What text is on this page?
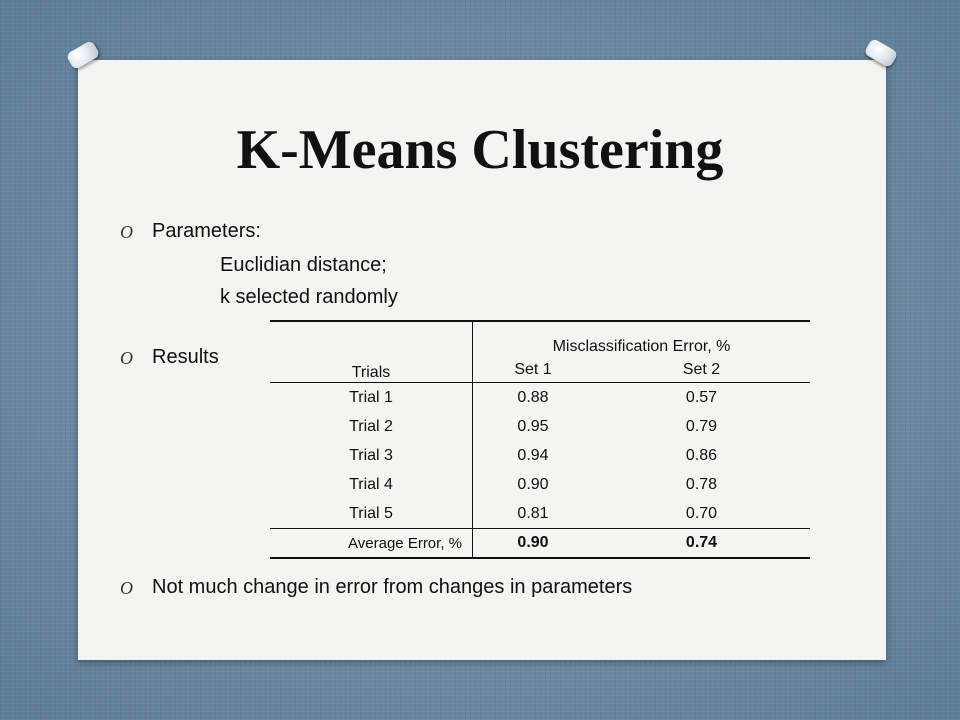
K-Means Clustering
O Parameters:
Euclidian distance;
k selected randomly
O Results
		Misclassification Error, %	
Trials	Set 1	Set 2
Trial 1	0.88	0.57
Trial 2	0.95	0.79
Trial 3	0.94	0.86
Trial 4	0.90	0.78
Trial 5	0.81	0.70
Average Error, %	0.90	0.74
O Not much change in error from changes in parameters
